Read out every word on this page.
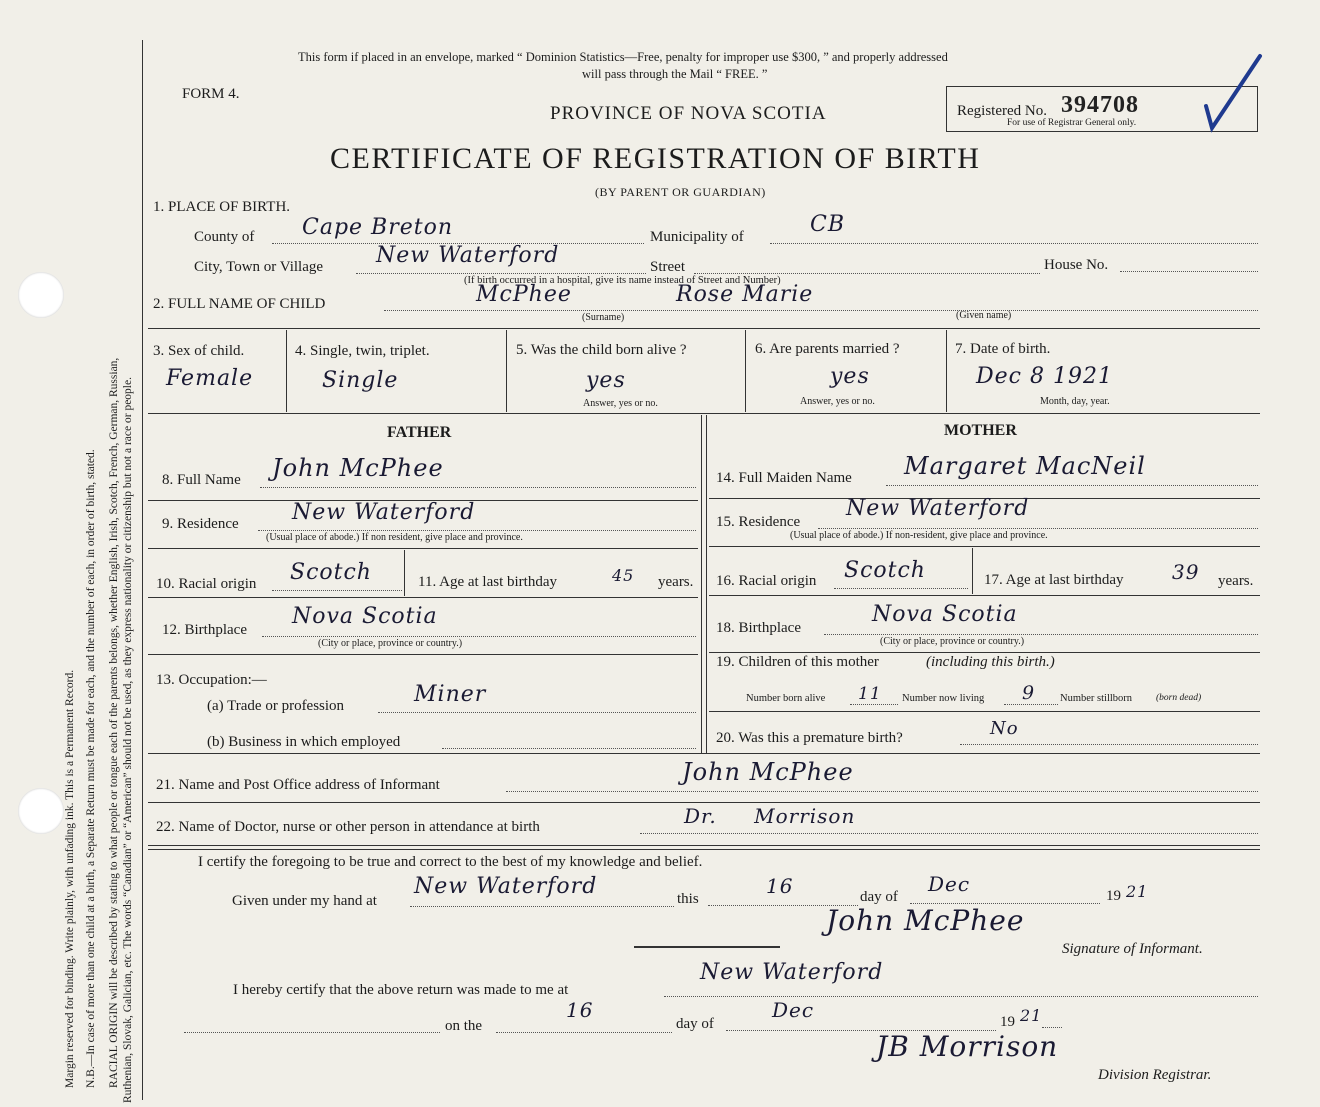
Margin reserved for binding. Write plainly, with unfading ink. This is a Permanent Record. N.B.—In case of more than one child at a birth, a Separate Return must be made for each, and the number of each, in order of birth, stated. RACIAL ORIGIN will be described by stating to what people or tongue each of the parents belongs, whether English, Irish, Scotch, French, German, Russian, Ruthenian, Slovak, Galician, etc. The words “Canadian” or “American” should not be used, as they express nationality or citizenship but not a race or people.
This form if placed in an envelope, marked “ Dominion Statistics—Free, penalty for improper use $300, ” and properly addressed
will pass through the Mail “ FREE. ”
FORM 4.
PROVINCE OF NOVA SCOTIA
CERTIFICATE OF REGISTRATION OF BIRTH
(BY PARENT OR GUARDIAN)
Registered No. 394708
For use of Registrar General only.
1. PLACE OF BIRTH.
County of Cape Breton	Municipality of	CB
City, Town or Village New Waterford	Street	House No.
(If birth occurred in a hospital, give its name instead of Street and Number)
2. FULL NAME OF CHILD	McPhee	Rose Marie
(Surname)	(Given name)
3. Sex of child.
Female
4. Single, twin, triplet.
Single
5. Was the child born alive ?
yes
Answer, yes or no.
6. Are parents married ?
yes
Answer, yes or no.
7. Date of birth.
Dec 8 1921
Month, day, year.
FATHER	MOTHER
8. Full Name John McPhee
9. Residence New Waterford
(Usual place of abode.) If non resident, give place and province.
10. Racial origin Scotch	11. Age at last birthday	45 years.
12. Birthplace
Nova Scotia
(City or place, province or country.)
13. Occupation:—
(a) Trade or profession	Miner
(b) Business in which employed
14. Full Maiden Name Margaret MacNeil
15. Residence
New Waterford
(Usual place of abode.) If non-resident, give place and province.
16. Racial origin Scotch	17. Age at last birthday 39 years.
18. Birthplace
Nova Scotia
(City or place, province or country.)
19. Children of this mother	(including this birth.)
Number born alive 11 Number now living 9 Number stillborn	(born dead)
20. Was this a premature birth?	No
21. Name and Post Office address of Informant	John McPhee
22. Name of Doctor, nurse or other person in attendance at birth	Dr. Morrison
I certify the foregoing to be true and correct to the best of my knowledge and belief.
Given under my hand at
New Waterford	this
16	day of
Dec	19 21
John McPhee
Signature of Informant.
I hereby certify that the above return was made to me at
New Waterford
on the
16
day of
Dec	19 21
JB Morrison
Division Registrar.
